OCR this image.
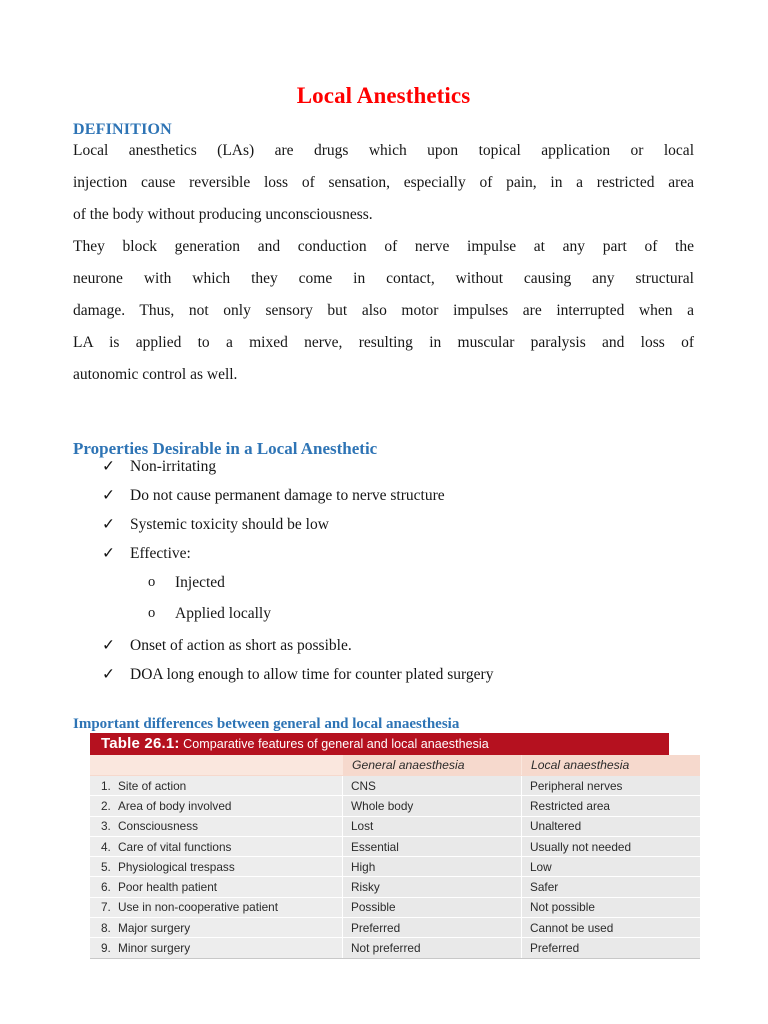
Local Anesthetics
DEFINITION
Local anesthetics (LAs) are drugs which upon topical application or local
injection cause reversible loss of sensation, especially of pain, in a restricted area
of the body without producing unconsciousness.
They block generation and conduction of nerve impulse at any part of the
neurone with which they come in contact, without causing any structural
damage. Thus, not only sensory but also motor impulses are interrupted when a
LA is applied to a mixed nerve, resulting in muscular paralysis and loss of
autonomic control as well.
Properties Desirable in a Local Anesthetic
✓ Non-irritating
✓ Do not cause permanent damage to nerve structure
✓ Systemic toxicity should be low
✓ Effective:
o	Injected
o	Applied locally
✓ Onset of action as short as possible.
✓ DOA long enough to allow time for counter plated surgery
Important differences between general and local anaesthesia
Table 26.1: Comparative features of general and local anaesthesia
	General anaesthesia	Local anaesthesia
1. Site of action	CNS	Peripheral nerves
2. Area of body involved	Whole body	Restricted area
3. Consciousness	Lost	Unaltered
4. Care of vital functions	Essential	Usually not needed
5. Physiological trespass	High	Low
6. Poor health patient	Risky	Safer
7. Use in non-cooperative patient	Possible	Not possible
8. Major surgery	Preferred	Cannot be used
9. Minor surgery	Not preferred	Preferred
